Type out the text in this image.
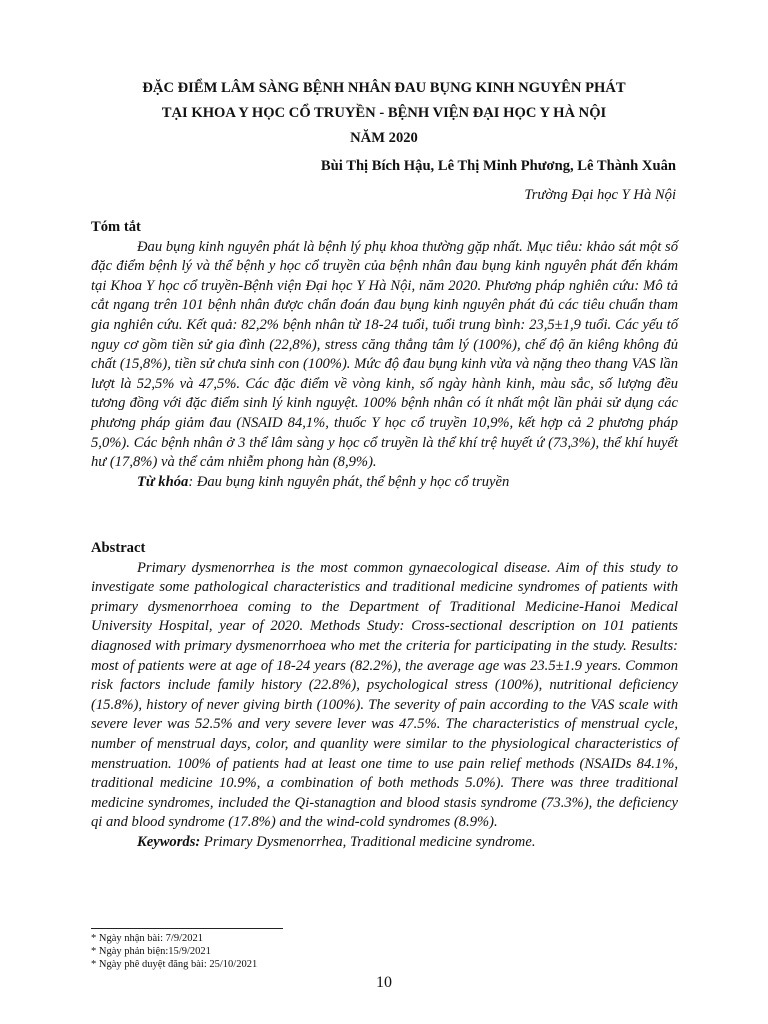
ĐẶC ĐIỂM LÂM SÀNG BỆNH NHÂN ĐAU BỤNG KINH NGUYÊN PHÁT
TẠI KHOA Y HỌC CỔ TRUYỀN - BỆNH VIỆN ĐẠI HỌC Y HÀ NỘI
NĂM 2020
Bùi Thị Bích Hậu, Lê Thị Minh Phương, Lê Thành Xuân
Trường Đại học Y Hà Nội
Tóm tắt
Đau bụng kinh nguyên phát là bệnh lý phụ khoa thường gặp nhất. Mục tiêu: khảo sát một số đặc điểm bệnh lý và thể bệnh y học cổ truyền của bệnh nhân đau bụng kinh nguyên phát đến khám tại Khoa Y học cổ truyền-Bệnh viện Đại học Y Hà Nội, năm 2020. Phương pháp nghiên cứu: Mô tả cắt ngang trên 101 bệnh nhân được chẩn đoán đau bụng kinh nguyên phát đủ các tiêu chuẩn tham gia nghiên cứu. Kết quả: 82,2% bệnh nhân từ 18-24 tuổi, tuổi trung bình: 23,5±1,9 tuổi. Các yếu tố nguy cơ gồm tiền sử gia đình (22,8%), stress căng thẳng tâm lý (100%), chế độ ăn kiêng không đủ chất (15,8%), tiền sử chưa sinh con (100%). Mức độ đau bụng kinh vừa và nặng theo thang VAS lần lượt là 52,5% và 47,5%. Các đặc điểm về vòng kinh, số ngày hành kinh, màu sắc, số lượng đều tương đồng với đặc điểm sinh lý kinh nguyệt. 100% bệnh nhân có ít nhất một lần phải sử dụng các phương pháp giảm đau (NSAID 84,1%, thuốc Y học cổ truyền 10,9%, kết hợp cả 2 phương pháp 5,0%). Các bệnh nhân ở 3 thể lâm sàng y học cổ truyền là thể khí trệ huyết ứ (73,3%), thể khí huyết hư (17,8%) và thể cảm nhiễm phong hàn (8,9%).
Từ khóa: Đau bụng kinh nguyên phát, thể bệnh y học cổ truyền
Abstract
Primary dysmenorrhea is the most common gynaecological disease. Aim of this study to investigate some pathological characteristics and traditional medicine syndromes of patients with primary dysmenorrhoea coming to the Department of Traditional Medicine-Hanoi Medical University Hospital, year of 2020. Methods Study: Cross-sectional description on 101 patients diagnosed with primary dysmenorrhoea who met the criteria for participating in the study. Results: most of patients were at age of 18-24 years (82.2%), the average age was 23.5±1.9 years. Common risk factors include family history (22.8%), psychological stress (100%), nutritional deficiency (15.8%), history of never giving birth (100%). The severity of pain according to the VAS scale with severe lever was 52.5% and very severe lever was 47.5%. The characteristics of menstrual cycle, number of menstrual days, color, and quanlity were similar to the physiological characteristics of menstruation. 100% of patients had at least one time to use pain relief methods (NSAIDs 84.1%, traditional medicine 10.9%, a combination of both methods 5.0%). There was three traditional medicine syndromes, included the Qi-stanagtion and blood stasis syndrome (73.3%), the deficiency qi and blood syndrome (17.8%) and the wind-cold syndromes (8.9%).
Keywords: Primary Dysmenorrhea, Traditional medicine syndrome.
* Ngày nhận bài: 7/9/2021
* Ngày phản biện:15/9/2021
* Ngày phê duyệt đăng bài: 25/10/2021
10
